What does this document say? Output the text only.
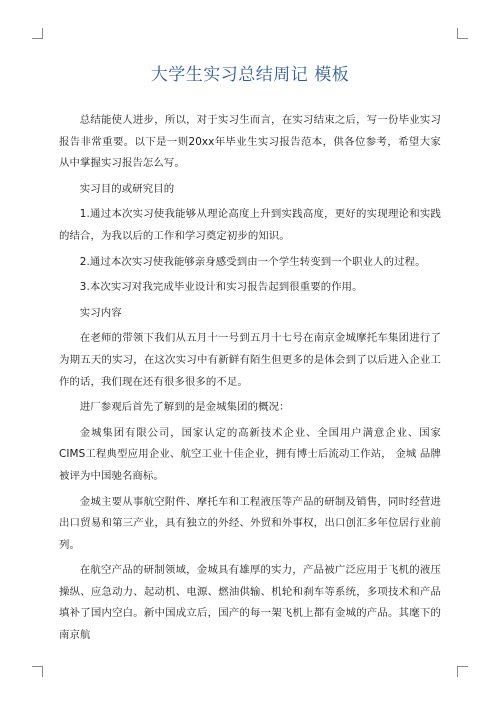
大学生实习总结周记 模板

总结能使人进步，所以，对于实习生而言，在实习结束之后，写一份毕业实习报告非常重要。以下是一则20xx年毕业生实习报告范本，供各位参考，希望大家从中掌握实习报告怎么写。

实习目的或研究目的

1.通过本次实习使我能够从理论高度上升到实践高度，更好的实现理论和实践的结合，为我以后的工作和学习奠定初步的知识。

2.通过本次实习使我能够亲身感受到由一个学生转变到一个职业人的过程。

3.本次实习对我完成毕业设计和实习报告起到很重要的作用。

实习内容

在老师的带领下我们从五月十一号到五月十七号在南京金城摩托车集团进行了为期五天的实习，在这次实习中有新鲜有陌生但更多的是体会到了以后进入企业工作的话，我们现在还有很多很多的不足。

进厂参观后首先了解到的是金城集团的概况：

金城集团有限公司，国家认定的高新技术企业、全国用户满意企业、国家CIMS工程典型应用企业、航空工业十佳企业，拥有博士后流动工作站， 金城 品牌被评为中国驰名商标。

金城主要从事航空附件、摩托车和工程液压等产品的研制及销售，同时经营进出口贸易和第三产业，具有独立的外经、外贸和外事权，出口创汇多年位居行业前列。

在航空产品的研制领域，金城具有雄厚的实力，产品被广泛应用于飞机的液压操纵、应急动力、起动机、电源、燃油供输、机轮和刹车等系统，多项技术和产品填补了国内空白。新中国成立后，国产的每一架飞机上都有金城的产品。其麾下的南京航
